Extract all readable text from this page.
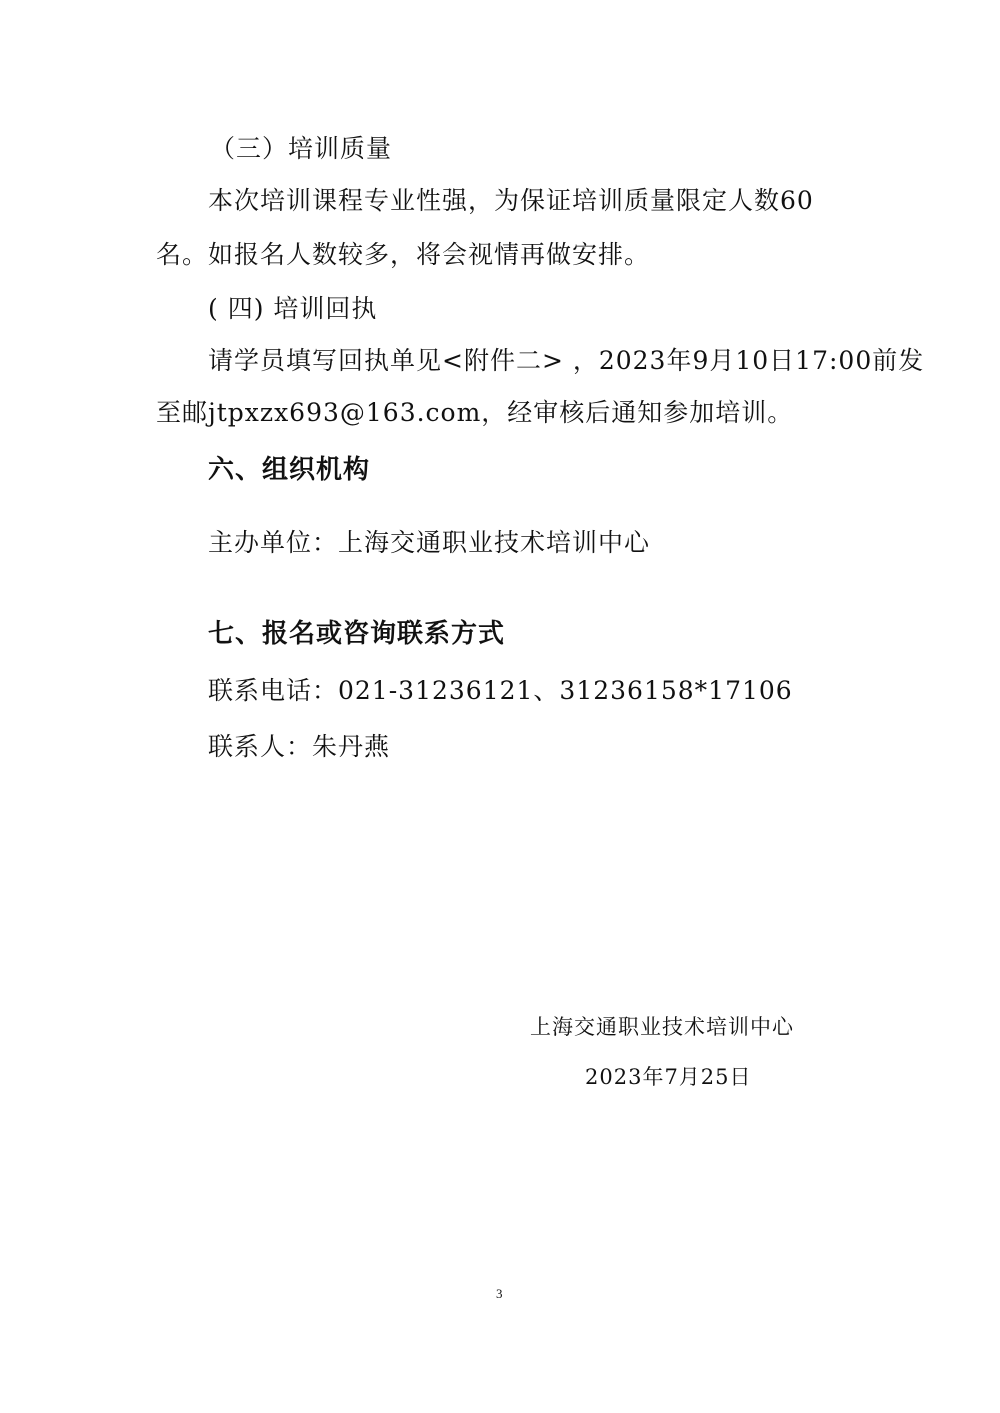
（三）培训质量
本次培训课程专业性强，为保证培训质量限定人数60
名。如报名人数较多，将会视情再做安排。
( 四) 培训回执
请学员填写回执单见<附件二> ，2023年9月10日17:00前发
至邮jtpxzx693@163.com，经审核后通知参加培训。
六、组织机构
主办单位：上海交通职业技术培训中心
七、报名或咨询联系方式
联系电话：021-31236121、31236158*17106
联系人：朱丹燕
上海交通职业技术培训中心
2023年7月25日
3
